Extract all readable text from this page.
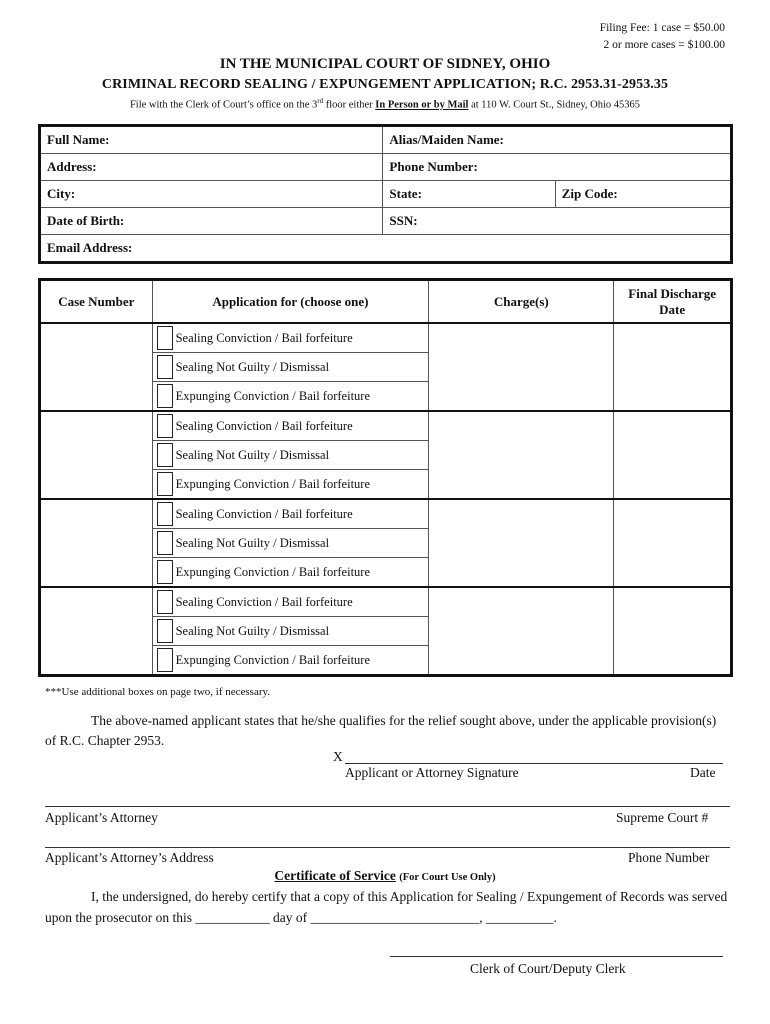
Filing Fee: 1 case = $50.00
2 or more cases = $100.00
IN THE MUNICIPAL COURT OF SIDNEY, OHIO
CRIMINAL RECORD SEALING / EXPUNGEMENT APPLICATION; R.C. 2953.31-2953.35
File with the Clerk of Court’s office on the 3rd floor either In Person or by Mail at 110 W. Court St., Sidney, Ohio 45365
Full Name:	Alias/Maiden Name:	
Address:	Phone Number:	
City:	State:	Zip Code:
Date of Birth:	SSN:	
Email Address:		
Case Number	Application for (choose one)	Charge(s)	Final Discharge Date

	Sealing Conviction / Bail forfeiture		

	Sealing Not Guilty / Dismissal		

	Expunging Conviction / Bail forfeiture		

	Sealing Conviction / Bail forfeiture		

	Sealing Not Guilty / Dismissal		

	Expunging Conviction / Bail forfeiture		

	Sealing Conviction / Bail forfeiture		

	Sealing Not Guilty / Dismissal		

	Expunging Conviction / Bail forfeiture		

	Sealing Conviction / Bail forfeiture		

	Sealing Not Guilty / Dismissal		

	Expunging Conviction / Bail forfeiture		
***Use additional boxes on page two, if necessary.
The above-named applicant states that he/she qualifies for the relief sought above, under the applicable provision(s) of R.C. Chapter 2953.
X
Applicant or Attorney Signature	Date
Applicant’s Attorney	Supreme Court #
Applicant’s Attorney’s Address	Phone Number
Certificate of Service (For Court Use Only)
I, the undersigned, do hereby certify that a copy of this Application for Sealing / Expungement of Records was served upon the prosecutor on this ___________ day of _________________________, __________.
Clerk of Court/Deputy Clerk
